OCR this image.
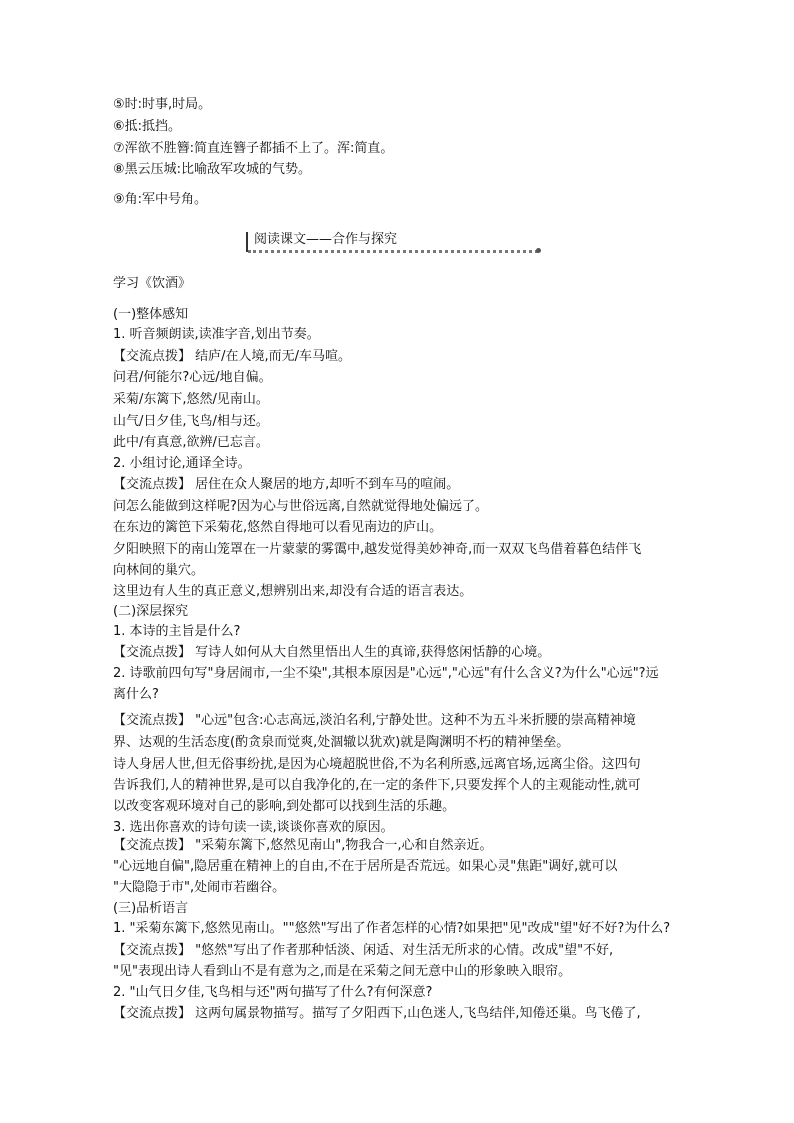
⑤时:时事,时局。
⑥抵:抵挡。
⑦浑欲不胜簪:简直连簪子都插不上了。浑:简直。
⑧黑云压城:比喻敌军攻城的气势。
⑨角:军中号角。
阅读课文——合作与探究
学习《饮酒》
(一)整体感知
1. 听音频朗读,读准字音,划出节奏。
【交流点拨】 结庐/在人境,而无/车马喧。
问君/何能尔?心远/地自偏。
采菊/东篱下,悠然/见南山。
山气/日夕佳,飞鸟/相与还。
此中/有真意,欲辨/已忘言。
2. 小组讨论,通译全诗。
【交流点拨】 居住在众人聚居的地方,却听不到车马的喧闹。
问怎么能做到这样呢?因为心与世俗远离,自然就觉得地处偏远了。
在东边的篱笆下采菊花,悠然自得地可以看见南边的庐山。
夕阳映照下的南山笼罩在一片蒙蒙的雾霭中,越发觉得美妙神奇,而一双双飞鸟借着暮色结伴飞
向林间的巢穴。
这里边有人生的真正意义,想辨别出来,却没有合适的语言表达。
(二)深层探究
1. 本诗的主旨是什么?
【交流点拨】 写诗人如何从大自然里悟出人生的真谛,获得悠闲恬静的心境。
2. 诗歌前四句写"身居闹市,一尘不染",其根本原因是"心远","心远"有什么含义?为什么"心远"?远
离什么?
【交流点拨】 "心远"包含:心志高远,淡泊名利,宁静处世。这种不为五斗米折腰的崇高精神境
界、达观的生活态度(酌贪泉而觉爽,处涸辙以犹欢)就是陶渊明不朽的精神堡垒。
诗人身居人世,但无俗事纷扰,是因为心境超脱世俗,不为名利所惑,远离官场,远离尘俗。这四句
告诉我们,人的精神世界,是可以自我净化的,在一定的条件下,只要发挥个人的主观能动性,就可
以改变客观环境对自己的影响,到处都可以找到生活的乐趣。
3. 选出你喜欢的诗句读一读,谈谈你喜欢的原因。
【交流点拨】 "采菊东篱下,悠然见南山",物我合一,心和自然亲近。
"心远地自偏",隐居重在精神上的自由,不在于居所是否荒远。如果心灵"焦距"调好,就可以
"大隐隐于市",处闹市若幽谷。
(三)品析语言
1. "采菊东篱下,悠然见南山。""悠然"写出了作者怎样的心情?如果把"见"改成"望"好不好?为什么?
【交流点拨】 "悠然"写出了作者那种恬淡、闲适、对生活无所求的心情。改成"望"不好,
"见"表现出诗人看到山不是有意为之,而是在采菊之间无意中山的形象映入眼帘。
2. "山气日夕佳,飞鸟相与还"两句描写了什么?有何深意?
【交流点拨】 这两句属景物描写。描写了夕阳西下,山色迷人,飞鸟结伴,知倦还巢。鸟飞倦了,
